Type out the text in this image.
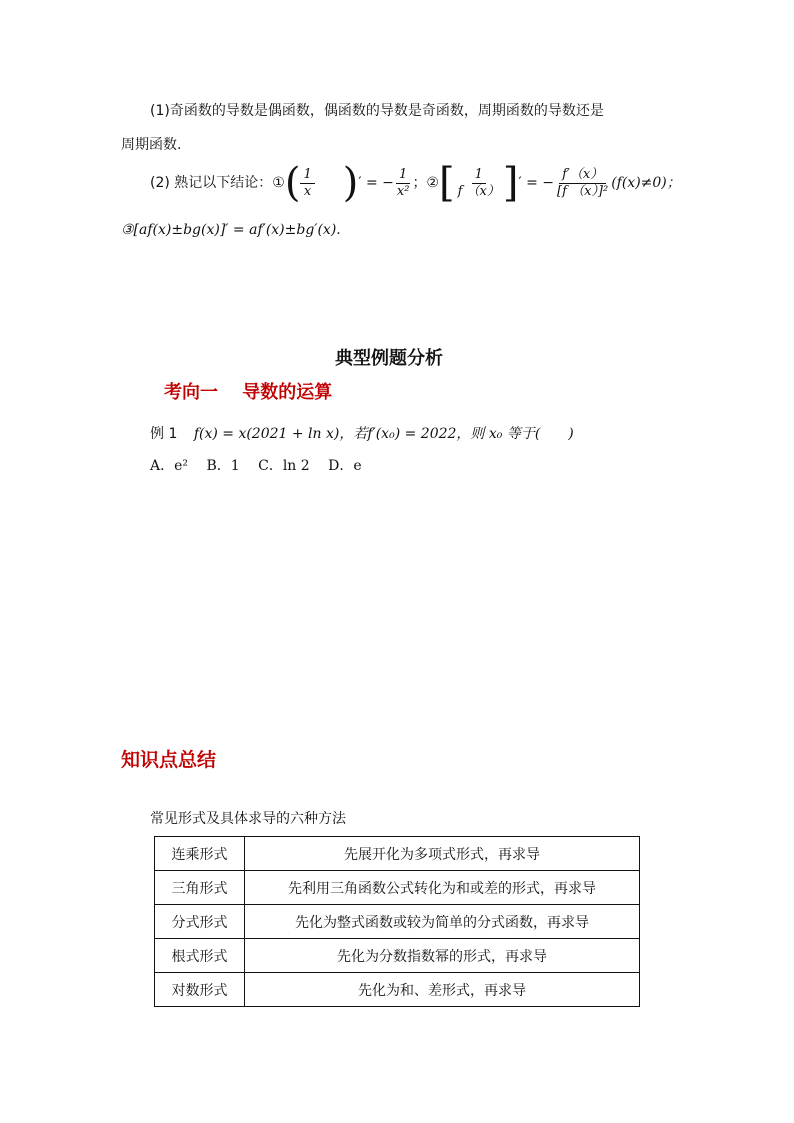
(1)奇函数的导数是偶函数，偶函数的导数是奇函数，周期函数的导数还是
周期函数.
(2) 熟记以下结论：①( $\frac{1}{x}$ )′ = − $\frac{1}{\text{x²}}$ ；②[ $\frac{1}{f (x)}$ ]′ = − $\frac{f'(x)}{\text{[f （x）]²}} (f(x)\ne 0)$；
③[af(x)±bg(x)]′ = af′(x)±bg′(x).
典型例题分析
考向一　 导数的运算
例 1 f(x) = x(2021 + ln x)，若f′(x₀) = 2022，则 x₀ 等于(　　)
A．e²　 B．1　 C．ln 2　 D．e
知识点总结
常见形式及具体求导的六种方法
连乘形式	先展开化为多项式形式，再求导
三角形式	先利用三角函数公式转化为和或差的形式，再求导
分式形式	先化为整式函数或较为简单的分式函数，再求导
根式形式	先化为分数指数幂的形式，再求导
对数形式	先化为和、差形式，再求导
